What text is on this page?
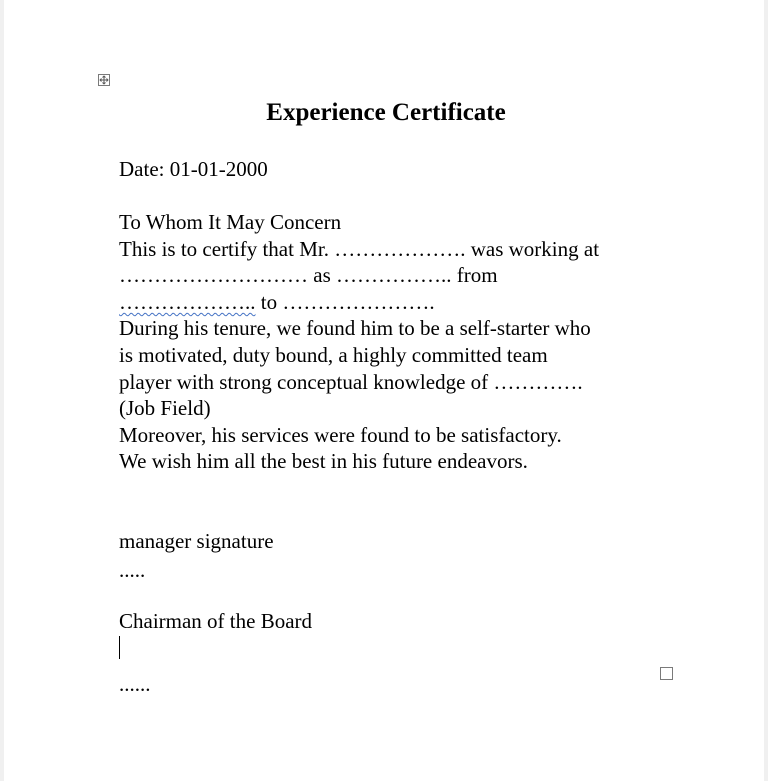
Experience Certificate
Date: 01-01-2000
To Whom It May Concern
This is to certify that Mr. ………………. was working at
……………………… as …………….. from
……………….. to ………………….
During his tenure, we found him to be a self-starter who
is motivated, duty bound, a highly committed team
player with strong conceptual knowledge of ………….
(Job Field)
Moreover, his services were found to be satisfactory.
We wish him all the best in his future endeavors.
manager signature
.....
Chairman of the Board
......
